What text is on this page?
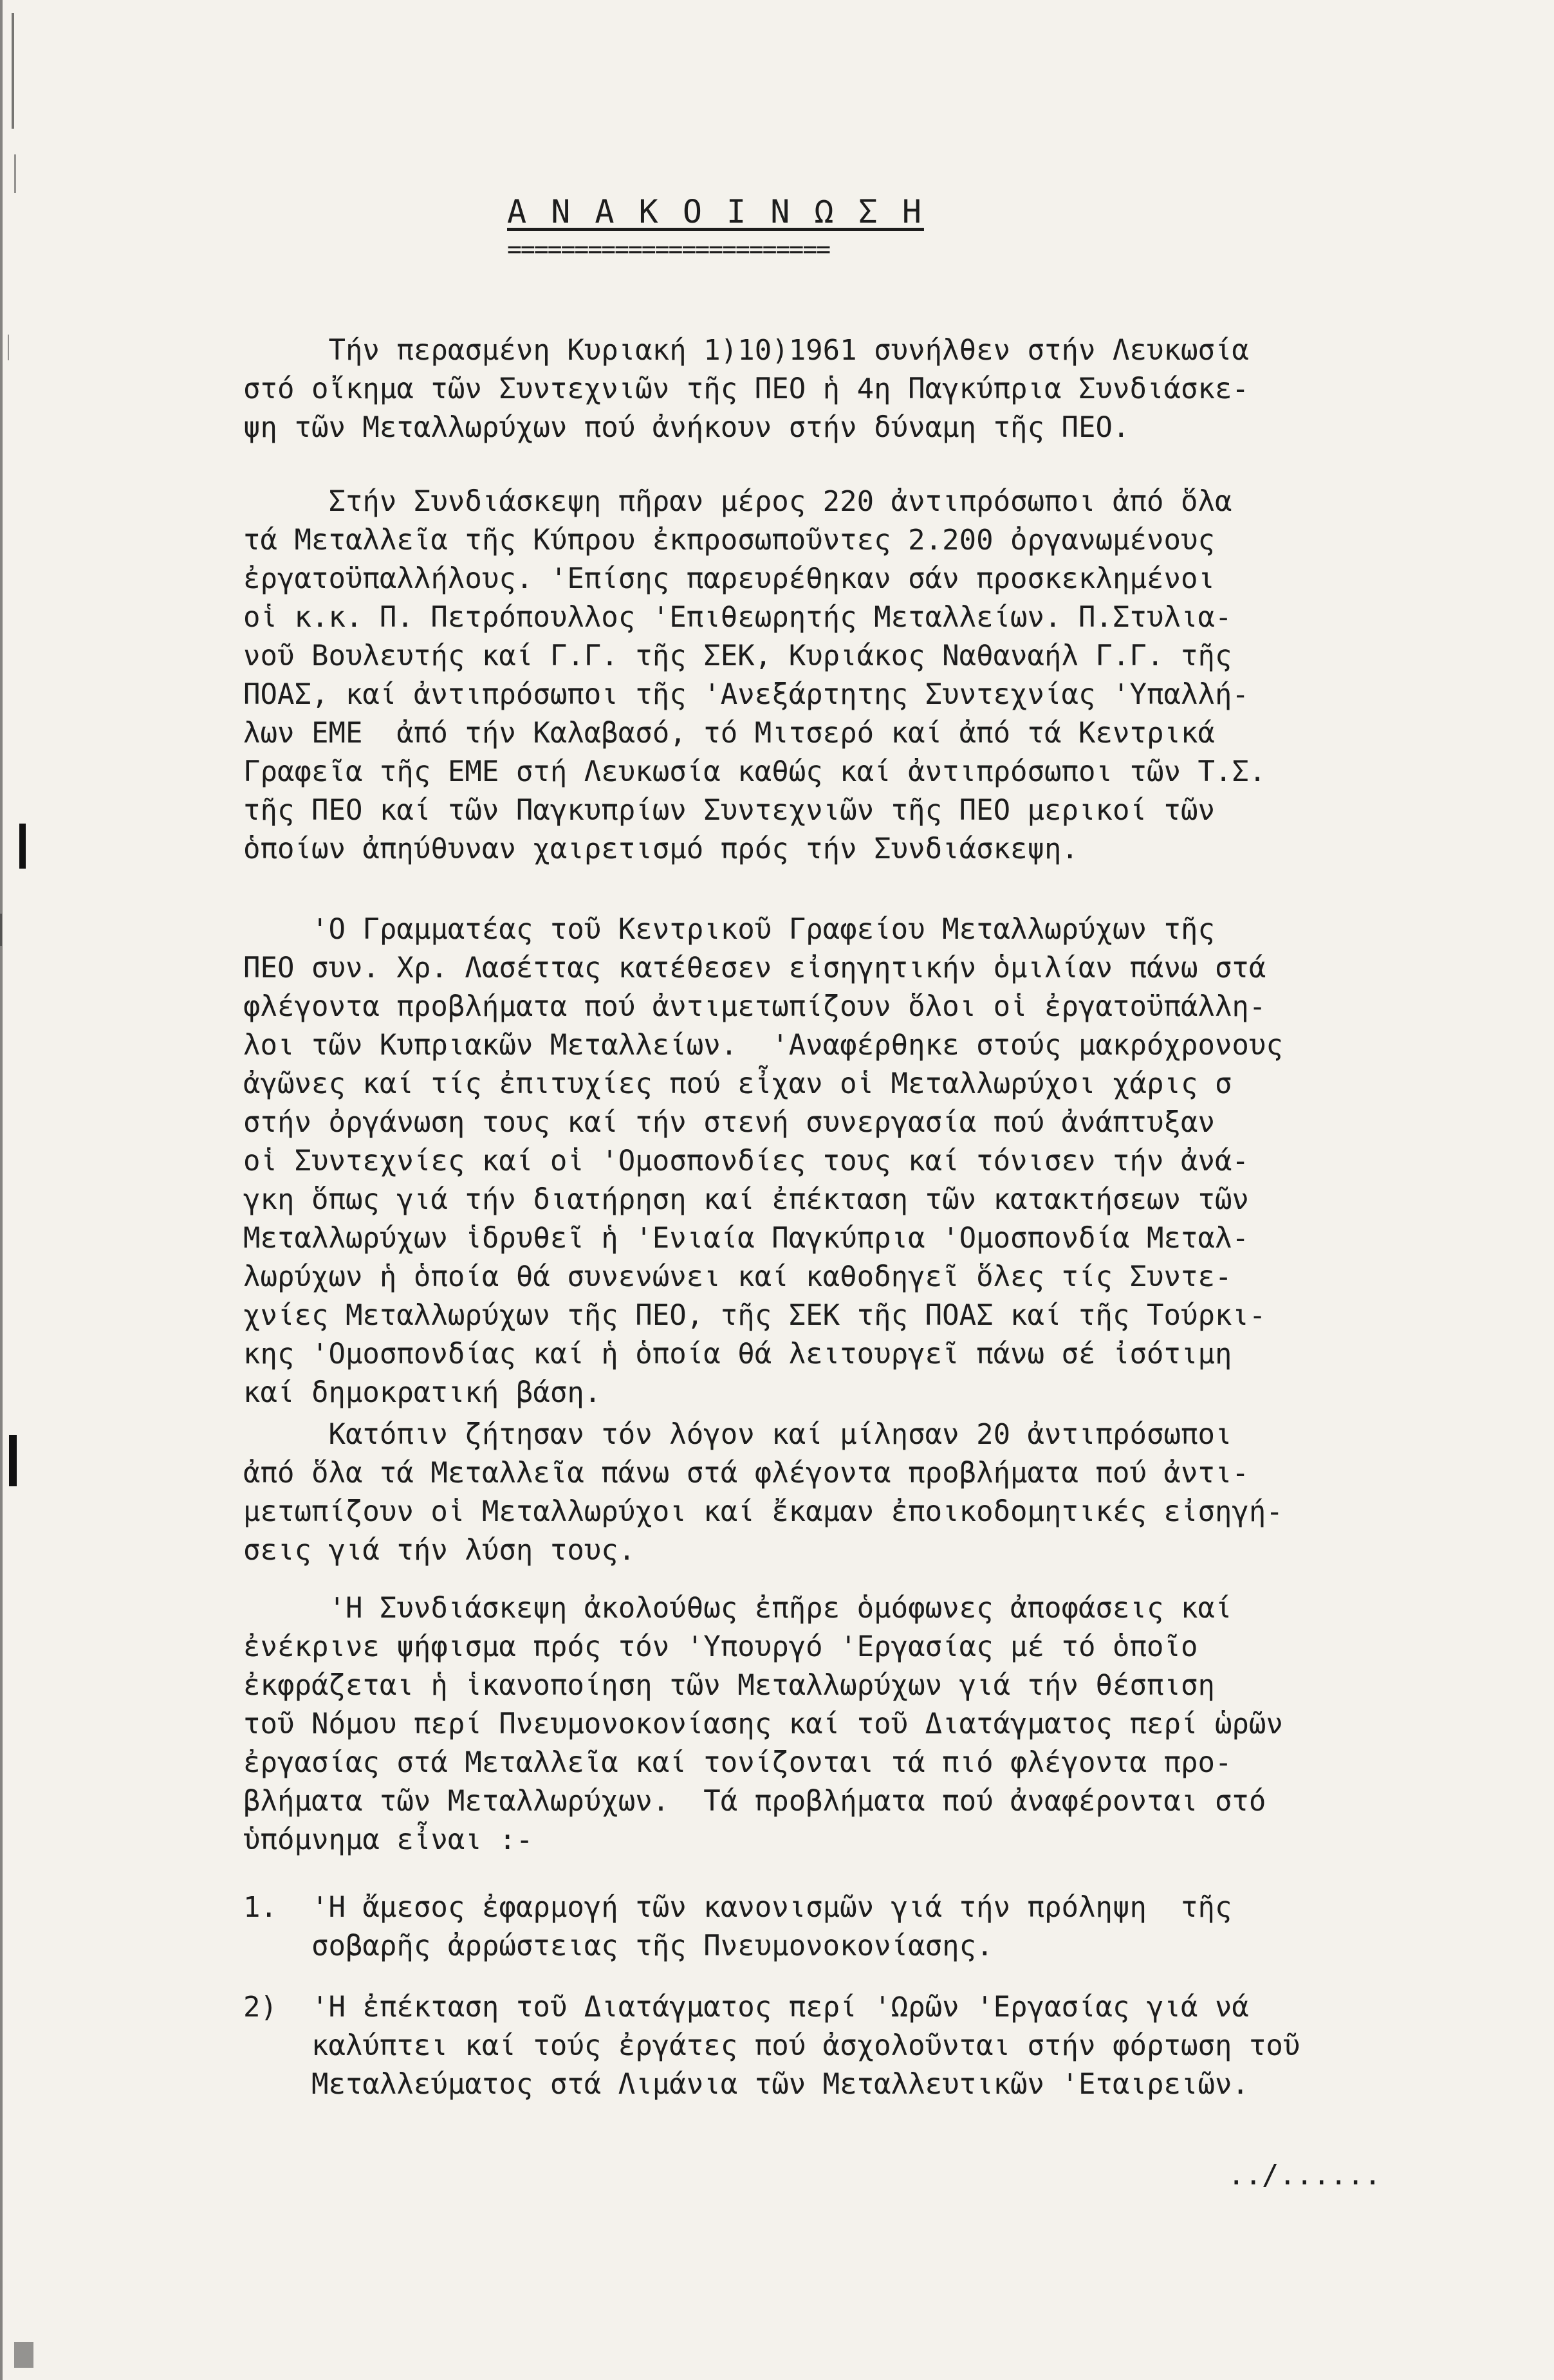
Α Ν Α Κ Ο Ι Ν Ω Σ Η
========================
Τήν περασμένη Κυριακή 1)10)1961 συνήλθεν στήν Λευκωσία
στό οἴκημα τῶν Συντεχνιῶν τῆς ΠΕΟ ἡ 4η Παγκύπρια Συνδιάσκε-
ψη τῶν Μεταλλωρύχων πού ἀνήκουν στήν δύναμη τῆς ΠΕΟ.
Στήν Συνδιάσκεψη πῆραν μέρος 220 ἀντιπρόσωποι ἀπό ὅλα
τά Μεταλλεῖα τῆς Κύπρου ἐκπροσωποῦντες 2.200 ὀργανωμένους
ἐργατοϋπαλλήλους. 'Επίσης παρευρέθηκαν σάν προσκεκλημένοι
οἱ κ.κ. Π. Πετρόπουλλος 'Επιθεωρητής Μεταλλείων. Π.Στυλια-
νοῦ Βουλευτής καί Γ.Γ. τῆς ΣΕΚ, Κυριάκος Ναθαναήλ Γ.Γ. τῆς
ΠΟΑΣ, καί ἀντιπρόσωποι τῆς 'Ανεξάρτητης Συντεχνίας 'Υπαλλή-
λων ΕΜΕ  ἀπό τήν Καλαβασό, τό Μιτσερό καί ἀπό τά Κεντρικά
Γραφεῖα τῆς ΕΜΕ στή Λευκωσία καθώς καί ἀντιπρόσωποι τῶν Τ.Σ.
τῆς ΠΕΟ καί τῶν Παγκυπρίων Συντεχνιῶν τῆς ΠΕΟ μερικοί τῶν
ὁποίων ἀπηύθυναν χαιρετισμό πρός τήν Συνδιάσκεψη.
'Ο Γραμματέας τοῦ Κεντρικοῦ Γραφείου Μεταλλωρύχων τῆς
ΠΕΟ συν. Χρ. Λασέττας κατέθεσεν εἰσηγητικήν ὁμιλίαν πάνω στά
φλέγοντα προβλήματα πού ἀντιμετωπίζουν ὅλοι οἱ ἐργατοϋπάλλη-
λοι τῶν Κυπριακῶν Μεταλλείων.  'Αναφέρθηκε στούς μακρόχρονους
ἀγῶνες καί τίς ἐπιτυχίες πού εἶχαν οἱ Μεταλλωρύχοι χάρις σ
στήν ὀργάνωση τους καί τήν στενή συνεργασία πού ἀνάπτυξαν
οἱ Συντεχνίες καί οἱ 'Ομοσπονδίες τους καί τόνισεν τήν ἀνά-
γκη ὅπως γιά τήν διατήρηση καί ἐπέκταση τῶν κατακτήσεων τῶν
Μεταλλωρύχων ἱδρυθεῖ ἡ 'Ενιαία Παγκύπρια 'Ομοσπονδία Μεταλ-
λωρύχων ἡ ὁποία θά συνενώνει καί καθοδηγεῖ ὅλες τίς Συντε-
χνίες Μεταλλωρύχων τῆς ΠΕΟ, τῆς ΣΕΚ τῆς ΠΟΑΣ καί τῆς Τούρκι-
κης 'Ομοσπονδίας καί ἡ ὁποία θά λειτουργεῖ πάνω σέ ἰσότιμη
καί δημοκρατική βάση.
Κατόπιν ζήτησαν τόν λόγον καί μίλησαν 20 ἀντιπρόσωποι
ἀπό ὅλα τά Μεταλλεῖα πάνω στά φλέγοντα προβλήματα πού ἀντι-
μετωπίζουν οἱ Μεταλλωρύχοι καί ἔκαμαν ἐποικοδομητικές εἰσηγή-
σεις γιά τήν λύση τους.
'Η Συνδιάσκεψη ἀκολούθως ἐπῆρε ὁμόφωνες ἀποφάσεις καί
ἐνέκρινε ψήφισμα πρός τόν 'Υπουργό 'Εργασίας μέ τό ὁποῖο
ἐκφράζεται ἡ ἱκανοποίηση τῶν Μεταλλωρύχων γιά τήν θέσπιση
τοῦ Νόμου περί Πνευμονοκονίασης καί τοῦ Διατάγματος περί ὡρῶν
ἐργασίας στά Μεταλλεῖα καί τονίζονται τά πιό φλέγοντα προ-
βλήματα τῶν Μεταλλωρύχων.  Τά προβλήματα πού ἀναφέρονται στό
ὑπόμνημα εἶναι :-
1.  'Η ἄμεσος ἐφαρμογή τῶν κανονισμῶν γιά τήν πρόληψη  τῆς
σοβαρῆς ἀρρώστειας τῆς Πνευμονοκονίασης.
2)  'Η ἐπέκταση τοῦ Διατάγματος περί 'Ωρῶν 'Εργασίας γιά νά
καλύπτει καί τούς ἐργάτες πού ἀσχολοῦνται στήν φόρτωση τοῦ
Μεταλλεύματος στά Λιμάνια τῶν Μεταλλευτικῶν 'Εταιρειῶν.
../......
